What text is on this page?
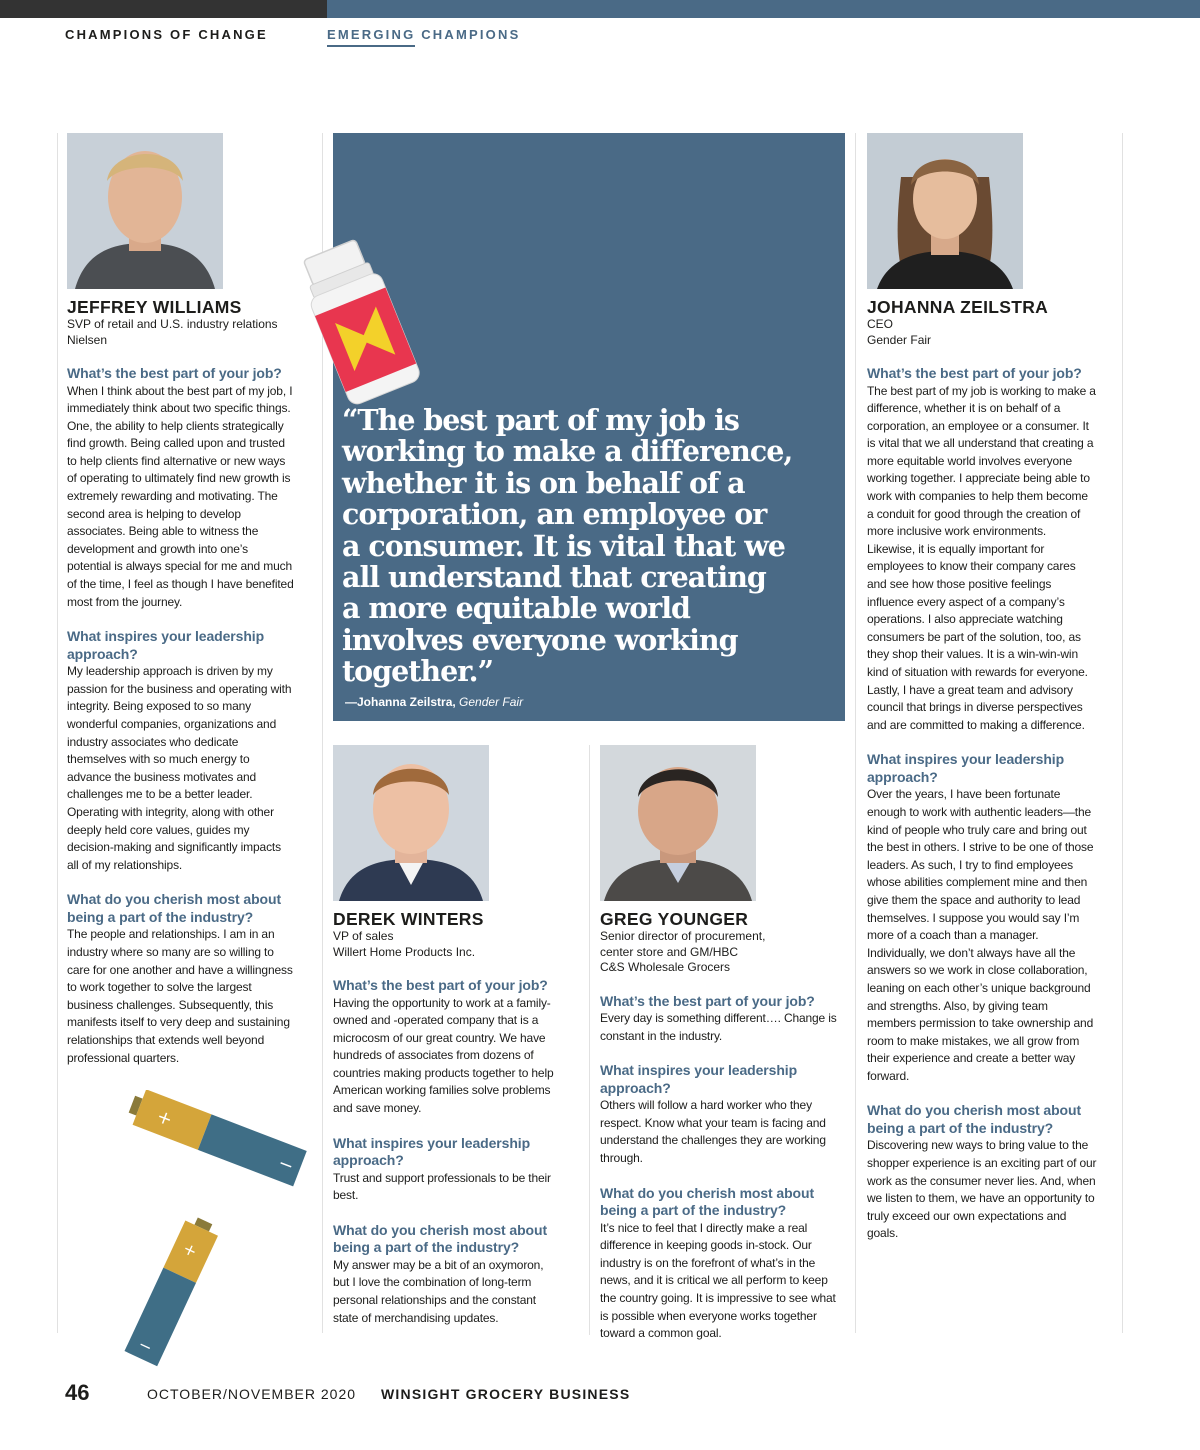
CHAMPIONS OF CHANGE	EMERGING CHAMPIONS
“The best part of my job is
working to make a difference,
whether it is on behalf of a
corporation, an employee or
a consumer. It is vital that we
all understand that creating
a more equitable world
involves everyone working
together.”
—Johanna Zeilstra, Gender Fair
+
−
+
−
JEFFREY WILLIAMS
SVP of retail and U.S. industry relations
Nielsen
What’s the best part of your job?
When I think about the best part of my job, I immediately think about two specific things. One, the ability to help clients strategically find growth. Being called upon and trusted to help clients find alternative or new ways of operating to ultimately find new growth is extremely rewarding and motivating. The second area is helping to develop associates. Being able to witness the development and growth into one’s potential is always special for me and much of the time, I feel as though I have benefited most from the journey.
What inspires your leadership approach?
My leadership approach is driven by my passion for the business and operating with integrity. Being exposed to so many wonderful companies, organizations and industry associates who dedicate themselves with so much energy to advance the business motivates and challenges me to be a better leader. Operating with integrity, along with other deeply held core values, guides my decision-making and significantly impacts all of my relationships.
What do you cherish most about being a part of the industry?
The people and relationships. I am in an industry where so many are so willing to care for one another and have a willingness to work together to solve the largest business challenges. Subsequently, this manifests itself to very deep and sustaining relationships that extends well beyond professional quarters.
DEREK WINTERS
VP of sales
Willert Home Products Inc.
What’s the best part of your job?
Having the opportunity to work at a family-owned and -operated company that is a microcosm of our great country. We have hundreds of associates from dozens of countries making products together to help American working families solve problems and save money.
What inspires your leadership approach?
Trust and support professionals to be their best.
What do you cherish most about being a part of the industry?
My answer may be a bit of an oxymoron, but I love the combination of long-term personal relationships and the constant state of merchandising updates.
GREG YOUNGER
Senior director of procurement,
center store and GM/HBC
C&S Wholesale Grocers
What’s the best part of your job?
Every day is something different…. Change is constant in the industry.
What inspires your leadership approach?
Others will follow a hard worker who they respect. Know what your team is facing and understand the challenges they are working through.
What do you cherish most about being a part of the industry?
It’s nice to feel that I directly make a real difference in keeping goods in-stock. Our industry is on the forefront of what’s in the news, and it is critical we all perform to keep the country going. It is impressive to see what is possible when everyone works together toward a common goal.
JOHANNA ZEILSTRA
CEO
Gender Fair
What’s the best part of your job?
The best part of my job is working to make a difference, whether it is on behalf of a corporation, an employee or a consumer. It is vital that we all understand that creating a more equitable world involves everyone working together. I appreciate being able to work with companies to help them become a conduit for good through the creation of more inclusive work environments. Likewise, it is equally important for employees to know their company cares and see how those positive feelings influence every aspect of a company’s operations. I also appreciate watching consumers be part of the solution, too, as they shop their values. It is a win-win-win kind of situation with rewards for everyone. Lastly, I have a great team and advisory council that brings in diverse perspectives and are committed to making a difference.
What inspires your leadership approach?
Over the years, I have been fortunate enough to work with authentic leaders—the kind of people who truly care and bring out the best in others. I strive to be one of those leaders. As such, I try to find employees whose abilities complement mine and then give them the space and authority to lead themselves. I suppose you would say I’m more of a coach than a manager. Individually, we don’t always have all the answers so we work in close collaboration, leaning on each other’s unique background and strengths. Also, by giving team members permission to take ownership and room to make mistakes, we all grow from their experience and create a better way forward.
What do you cherish most about being a part of the industry?
Discovering new ways to bring value to the shopper experience is an exciting part of our work as the consumer never lies. And, when we listen to them, we have an opportunity to truly exceed our own expectations and goals.
46	OCTOBER/NOVEMBER 2020 WINSIGHT GROCERY BUSINESS
